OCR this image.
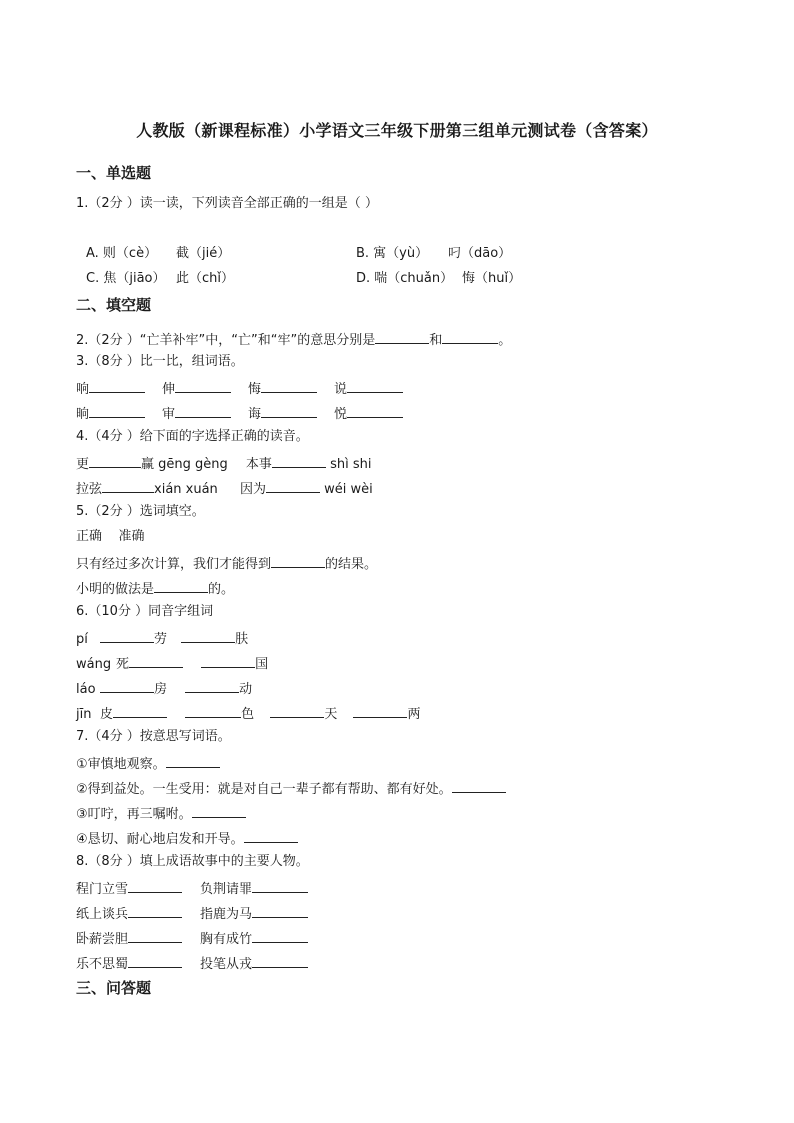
人教版（新课程标准）小学语文三年级下册第三组单元测试卷（含答案）
一、单选题
1.（2分 ）读一读，下列读音全部正确的一组是（ ）
A. 则（cè） 截（jié）	B. 寓（yù） 叼（dāo）
C. 焦（jiāo） 此（chǐ）	D. 喘（chuǎn） 悔（huǐ）
二、填空题
2.（2分 ）“亡羊补牢”中，“亡”和“牢”的意思分别是	和	。
3.（8分 ）比一比，组词语。
响	伸	悔	说
晌	审	诲	悦
4.（4分 ）给下面的字选择正确的读音。
更	赢 gēng gèng 本事	shì shi
拉弦	xián xuán 因为	wéi wèi
5.（2分 ）选词填空。
正确    准确
只有经过多次计算，我们才能得到	的结果。
小明的做法是	的。
6.（10分 ）同音字组词
pí	劳	肤
wáng 死	国
láo	房	动
jīn 皮	色	天	两
7.（4分 ）按意思写词语。
①审慎地观察。
②得到益处。一生受用：就是对自己一辈子都有帮助、都有好处。
③叮咛，再三嘱咐。
④恳切、耐心地启发和开导。
8.（8分 ）填上成语故事中的主要人物。
程门立雪	负荆请罪
纸上谈兵	指鹿为马
卧薪尝胆	胸有成竹
乐不思蜀	投笔从戎
三、问答题
